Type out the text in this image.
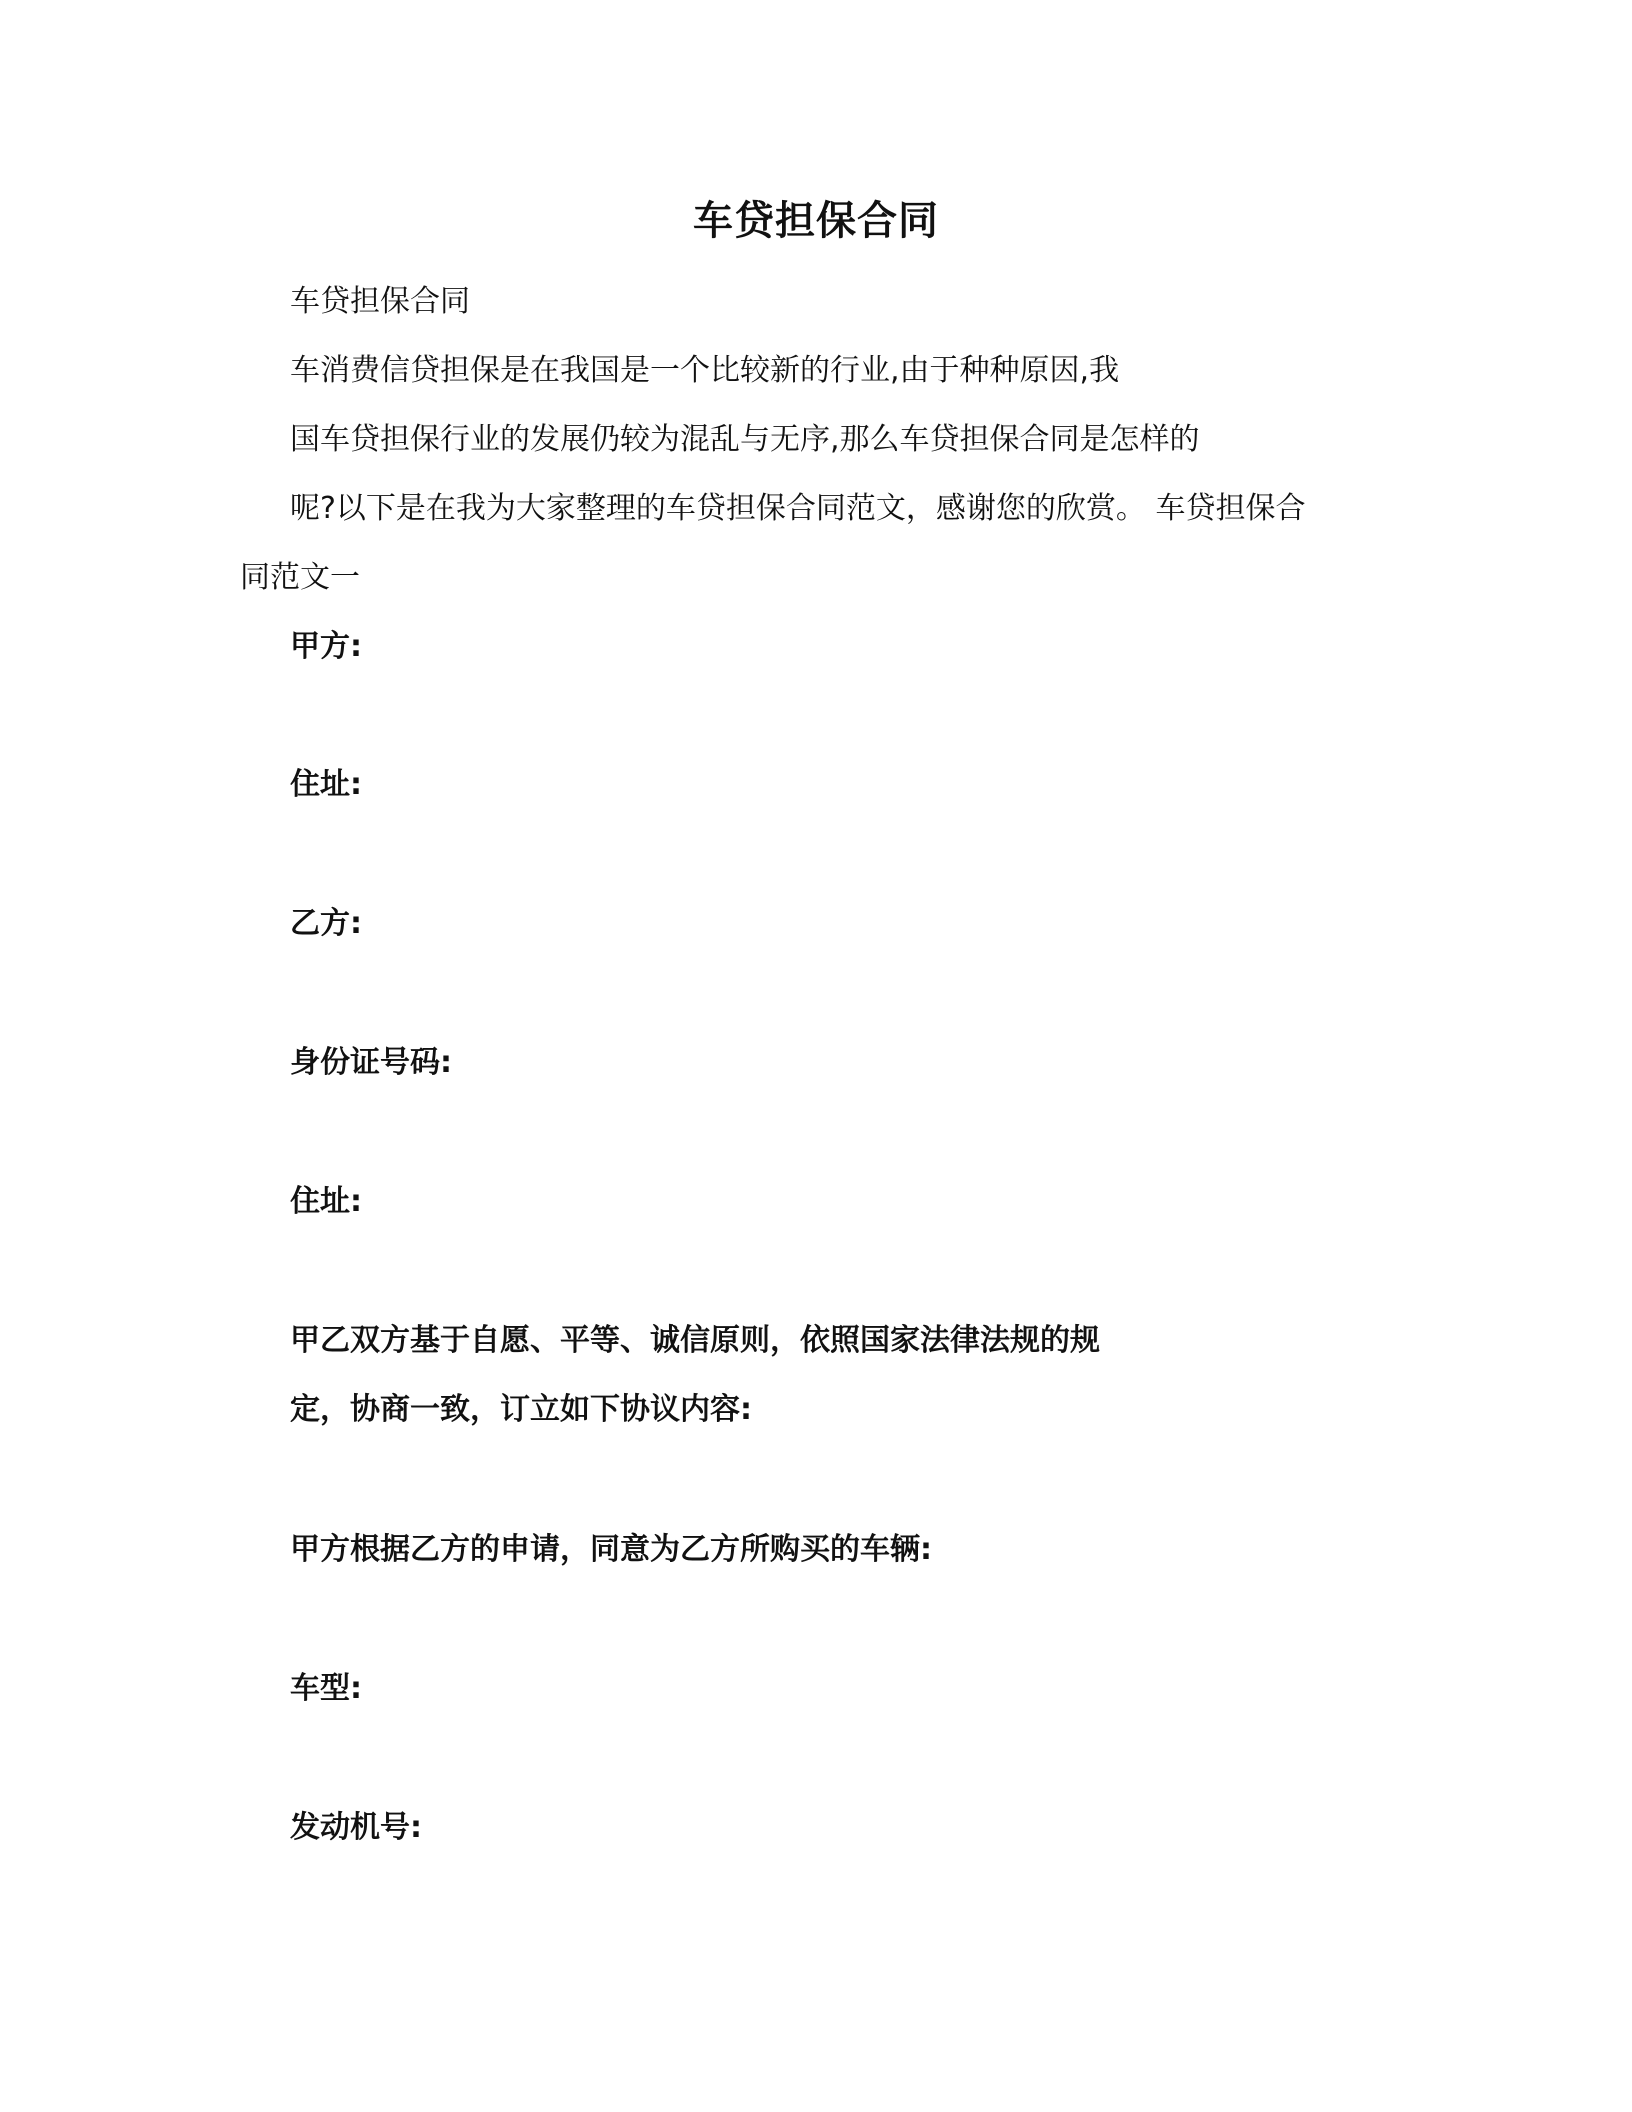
车贷担保合同
车贷担保合同
车消费信贷担保是在我国是一个比较新的行业,由于种种原因,我
国车贷担保行业的发展仍较为混乱与无序,那么车贷担保合同是怎样的
呢?以下是在我为大家整理的车贷担保合同范文，感谢您的欣赏。 车贷担保合
同范文一
甲方:
住址:
乙方:
身份证号码:
住址:
甲乙双方基于自愿、平等、诚信原则，依照国家法律法规的规
定，协商一致，订立如下协议内容:
甲方根据乙方的申请，同意为乙方所购买的车辆:
车型:
发动机号:
